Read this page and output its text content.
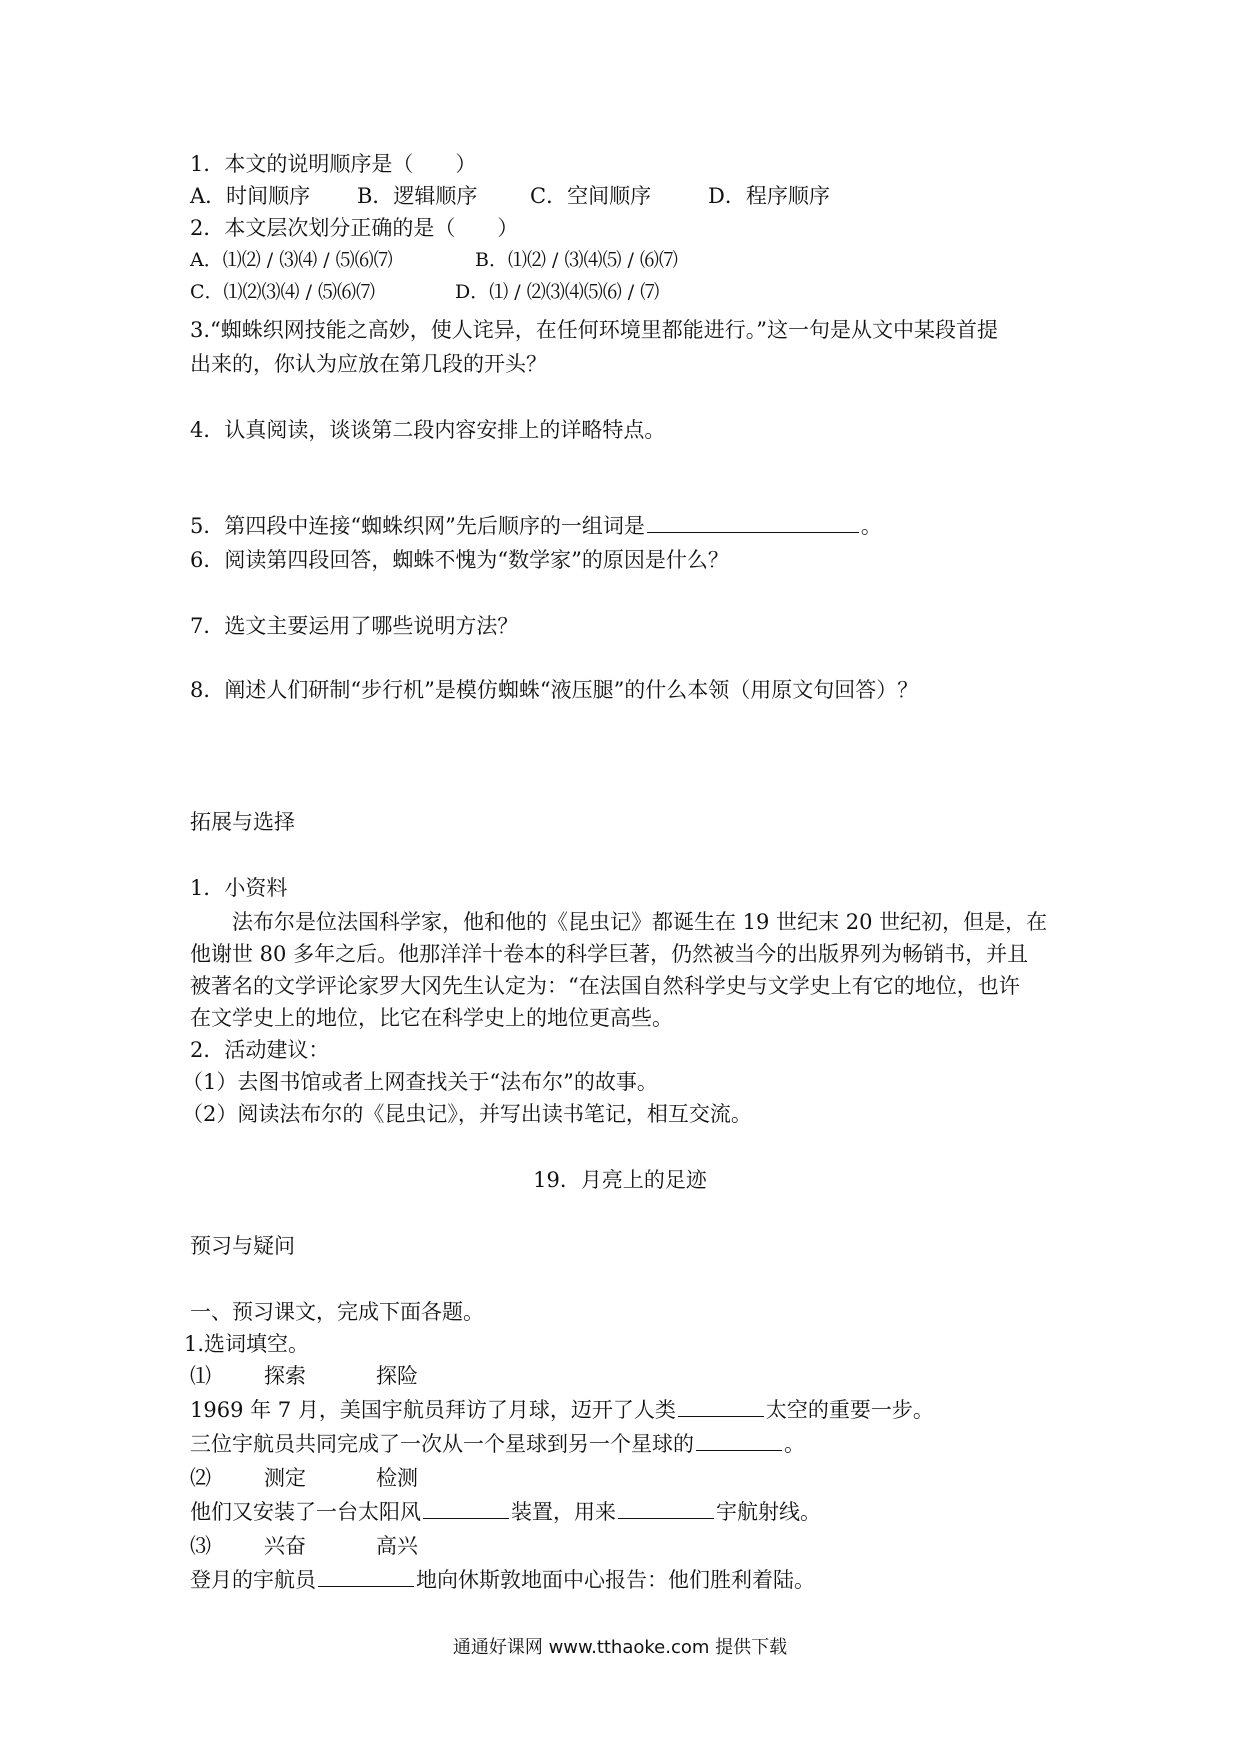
1．本文的说明顺序是（　　）
A．时间顺序 B．逻辑顺序	C．空间顺序	D．程序顺序
2．本文层次划分正确的是（　　）
A．⑴⑵ / ⑶⑷ / ⑸⑹⑺	B．⑴⑵ / ⑶⑷⑸ / ⑹⑺
C．⑴⑵⑶⑷ / ⑸⑹⑺	D．⑴ / ⑵⑶⑷⑸⑹ / ⑺
3.“蜘蛛织网技能之高妙，使人诧异，在任何环境里都能进行。”这一句是从文中某段首提
出来的，你认为应放在第几段的开头？
4．认真阅读，谈谈第二段内容安排上的详略特点。
5．第四段中连接“蜘蛛织网”先后顺序的一组词是	。
6．阅读第四段回答，蜘蛛不愧为“数学家”的原因是什么？
7．选文主要运用了哪些说明方法？
8．阐述人们研制“步行机”是模仿蜘蛛“液压腿”的什么本领（用原文句回答）？
拓展与选择
1．小资料
法布尔是位法国科学家，他和他的《昆虫记》都诞生在 19 世纪末 20 世纪初，但是，在
他谢世 80 多年之后。他那洋洋十卷本的科学巨著，仍然被当今的出版界列为畅销书，并且
被著名的文学评论家罗大冈先生认定为：“在法国自然科学史与文学史上有它的地位，也许
在文学史上的地位，比它在科学史上的地位更高些。
2．活动建议：
（1）去图书馆或者上网查找关于“法布尔”的故事。
（2）阅读法布尔的《昆虫记》，并写出读书笔记，相互交流。
19．月亮上的足迹
预习与疑问
一、预习课文，完成下面各题。
1.选词填空。
⑴	探索	探险
1969 年 7 月，美国宇航员拜访了月球，迈开了人类	太空的重要一步。
三位宇航员共同完成了一次从一个星球到另一个星球的	。
⑵	测定	检测
他们又安装了一台太阳风	装置，用来	宇航射线。
⑶	兴奋	高兴
登月的宇航员	地向休斯敦地面中心报告：他们胜利着陆。
通通好课网 www.tthaoke.com 提供下载
